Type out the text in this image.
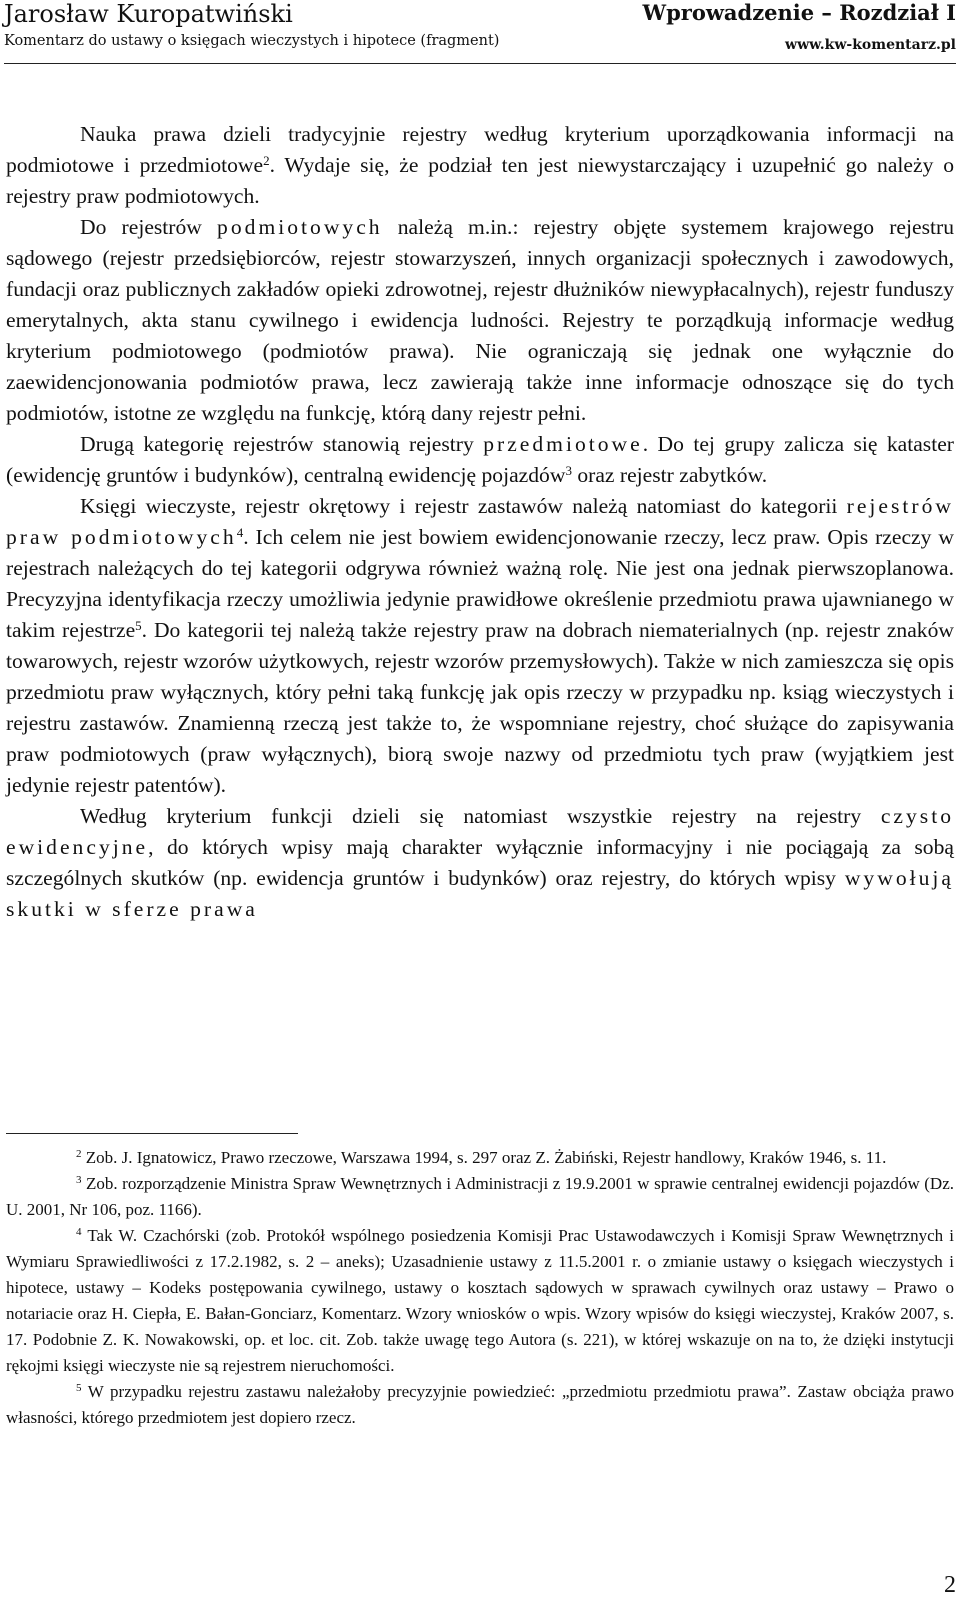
Jarosław Kuropatwiński
Komentarz do ustawy o księgach wieczystych i hipotece (fragment)
Wprowadzenie – Rozdział I
www.kw-komentarz.pl

Nauka prawa dzieli tradycyjnie rejestry według kryterium uporządkowania informacji na podmiotowe i przedmiotowe$^2$. Wydaje się, że podział ten jest niewystarczający i uzupełnić go należy o rejestry praw podmiotowych.

Do rejestrów podmiotowych należą m.in.: rejestry objęte systemem krajowego rejestru sądowego (rejestr przedsiębiorców, rejestr stowarzyszeń, innych organizacji społecznych i zawodowych, fundacji oraz publicznych zakładów opieki zdrowotnej, rejestr dłużników niewypłacalnych), rejestr funduszy emerytalnych, akta stanu cywilnego i ewidencja ludności. Rejestry te porządkują informacje według kryterium podmiotowego (podmiotów prawa). Nie ograniczają się jednak one wyłącznie do zaewidencjonowania podmiotów prawa, lecz zawierają także inne informacje odnoszące się do tych podmiotów, istotne ze względu na funkcję, którą dany rejestr pełni.

Drugą kategorię rejestrów stanowią rejestry przedmiotowe. Do tej grupy zalicza się kataster (ewidencję gruntów i budynków), centralną ewidencję pojazdów$^3$ oraz rejestr zabytków.

Księgi wieczyste, rejestr okrętowy i rejestr zastawów należą natomiast do kategorii rejestrów praw podmiotowych$^4$. Ich celem nie jest bowiem ewidencjonowanie rzeczy, lecz praw. Opis rzeczy w rejestrach należących do tej kategorii odgrywa również ważną rolę. Nie jest ona jednak pierwszoplanowa. Precyzyjna identyfikacja rzeczy umożliwia jedynie prawidłowe określenie przedmiotu prawa ujawnianego w takim rejestrze$^5$. Do kategorii tej należą także rejestry praw na dobrach niematerialnych (np. rejestr znaków towarowych, rejestr wzorów użytkowych, rejestr wzorów przemysłowych). Także w nich zamieszcza się opis przedmiotu praw wyłącznych, który pełni taką funkcję jak opis rzeczy w przypadku np. ksiąg wieczystych i rejestru zastawów. Znamienną rzeczą jest także to, że wspomniane rejestry, choć służące do zapisywania praw podmiotowych (praw wyłącznych), biorą swoje nazwy od przedmiotu tych praw (wyjątkiem jest jedynie rejestr patentów).

Według kryterium funkcji dzieli się natomiast wszystkie rejestry na rejestry czysto ewidencyjne, do których wpisy mają charakter wyłącznie informacyjny i nie pociągają za sobą szczególnych skutków (np. ewidencja gruntów i budynków) oraz rejestry, do których wpisy wywołują skutki w sferze prawa

$^2$ Zob. J. Ignatowicz, Prawo rzeczowe, Warszawa 1994, s. 297 oraz Z. Żabiński, Rejestr handlowy, Kraków 1946, s. 11.

$^3$ Zob. rozporządzenie Ministra Spraw Wewnętrznych i Administracji z 19.9.2001 w sprawie centralnej ewidencji pojazdów (Dz. U. 2001, Nr 106, poz. 1166).

$^4$ Tak W. Czachórski (zob. Protokół wspólnego posiedzenia Komisji Prac Ustawodawczych i Komisji Spraw Wewnętrznych i Wymiaru Sprawiedliwości z 17.2.1982, s. 2 – aneks); Uzasadnienie ustawy z 11.5.2001 r. o zmianie ustawy o księgach wieczystych i hipotece, ustawy – Kodeks postępowania cywilnego, ustawy o kosztach sądowych w sprawach cywilnych oraz ustawy – Prawo o notariacie oraz H. Ciepła, E. Bałan-Gonciarz, Komentarz. Wzory wniosków o wpis. Wzory wpisów do księgi wieczystej, Kraków 2007, s. 17. Podobnie Z. K. Nowakowski, op. et loc. cit. Zob. także uwagę tego Autora (s. 221), w której wskazuje on na to, że dzięki instytucji rękojmi księgi wieczyste nie są rejestrem nieruchomości.

$^5$ W przypadku rejestru zastawu należałoby precyzyjnie powiedzieć: „przedmiotu przedmiotu prawa”. Zastaw obciąża prawo własności, którego przedmiotem jest dopiero rzecz.

2
